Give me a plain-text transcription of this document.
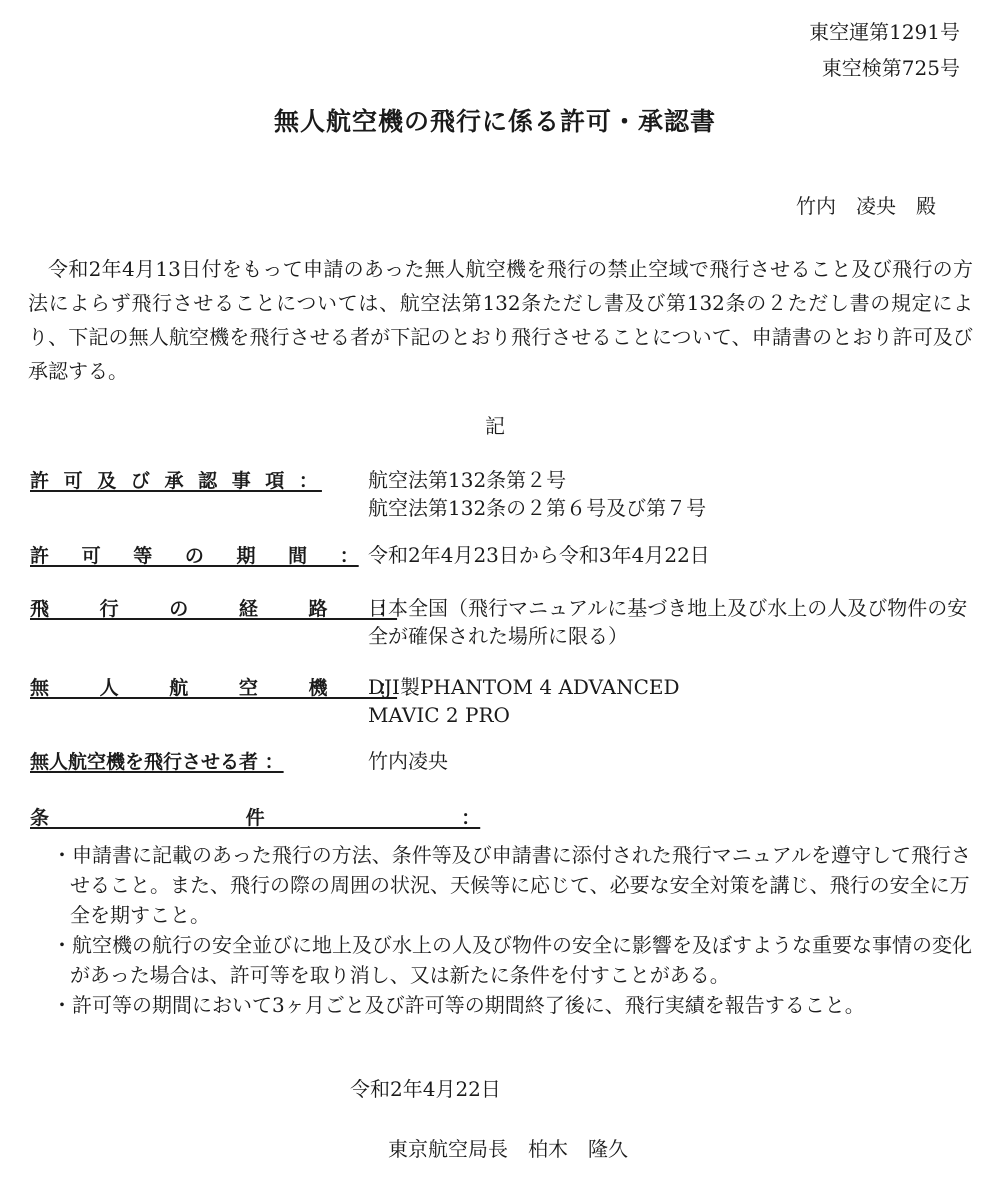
東空運第1291号
東空検第725号
無人航空機の飛行に係る許可・承認書
竹内　凌央　殿

令和2年4月13日付をもって申請のあった無人航空機を飛行の禁止空域で飛行させること及び飛行の方法によらず飛行させることについては、航空法第132条ただし書及び第132条の２ただし書の規定により、下記の無人航空機を飛行させる者が下記のとおり飛行させることについて、申請書のとおり許可及び承認する。

記
許 可 及 び 承 認 事 項 ： 航空法第132条第２号
航空法第132条の２第６号及び第７号
許 可 等 の 期 間 ： 令和2年4月23日から令和3年4月22日
飛 行 の 経 路 ：
日本全国（飛行マニュアルに基づき地上及び水上の人及び物件の安全が確保された場所に限る）
無 人 航 空 機 ：
DJI製PHANTOM 4 ADVANCED
MAVIC 2 PRO
無人航空機を飛行させる者 ：	竹内凌央
条 件 ：
・ 申請書に記載のあった飛行の方法、条件等及び申請書に添付された飛行マニュアルを遵守して飛行させること。また、飛行の際の周囲の状況、天候等に応じて、必要な安全対策を講じ、飛行の安全に万全を期すこと。
・ 航空機の航行の安全並びに地上及び水上の人及び物件の安全に影響を及ぼすような重要な事情の変化があった場合は、許可等を取り消し、又は新たに条件を付すことがある。
・ 許可等の期間において3ヶ月ごと及び許可等の期間終了後に、飛行実績を報告すること。
令和2年4月22日
東京航空局長　柏木　隆久
